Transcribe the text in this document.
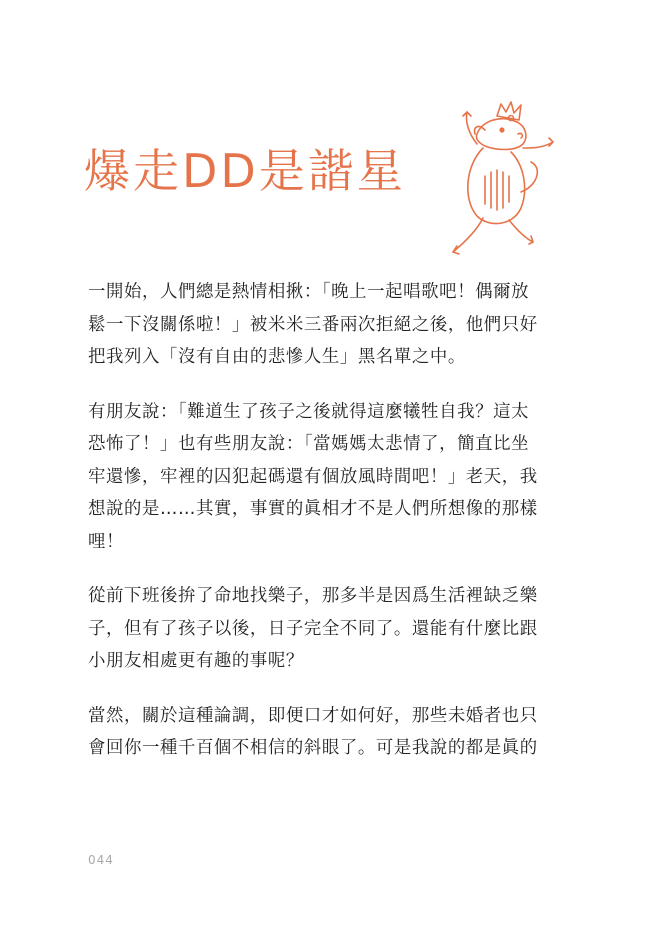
爆走DD是諧星

一開始，人們總是熱情相揪：「晚上一起唱歌吧！偶爾放
鬆一下沒關係啦！」被米米三番兩次拒絕之後，他們只好
把我列入「沒有自由的悲慘人生」黑名單之中。

有朋友說：「難道生了孩子之後就得這麼犧牲自我？這太
恐怖了！」也有些朋友說：「當媽媽太悲情了，簡直比坐
牢還慘，牢裡的囚犯起碼還有個放風時間吧！」老天，我
想說的是……其實，事實的眞相才不是人們所想像的那樣
哩！

從前下班後拚了命地找樂子，那多半是因爲生活裡缺乏樂
子，但有了孩子以後，日子完全不同了。還能有什麼比跟
小朋友相處更有趣的事呢？

當然，關於這種論調，即便口才如何好，那些未婚者也只
會回你一種千百個不相信的斜眼了。可是我說的都是眞的

044
